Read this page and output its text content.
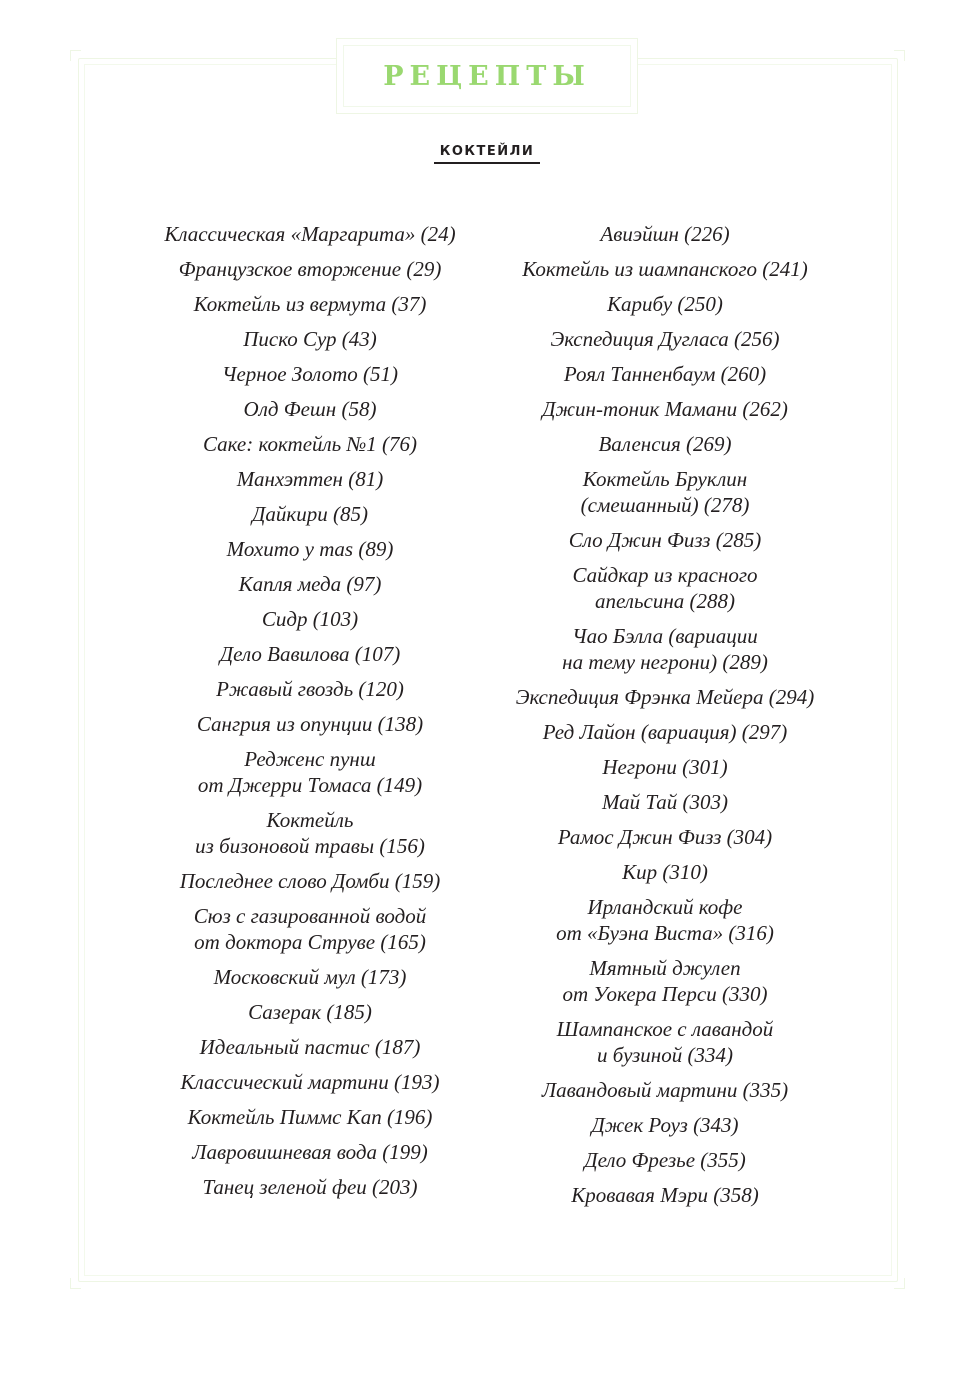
РЕЦЕПТЫ
КОКТЕЙЛИ
Классическая «Маргарита» (24)
Французское вторжение (29)
Коктейль из вермута (37)
Писко Сур (43)
Черное Золото (51)
Олд Фешн (58)
Саке: коктейль №1 (76)
Манхэттен (81)
Дайкири (85)
Мохито у mas (89)
Капля меда (97)
Сидр (103)
Дело Вавилова (107)
Ржавый гвоздь (120)
Сангрия из опунции (138)
Реджeнс пунш
от Джерри Томаса (149)
Коктейль
из бизоновой травы (156)
Последнее слово Домби (159)
Сюз с газированной водой
от доктора Струве (165)
Московский мул (173)
Сазерак (185)
Идеальный пастис (187)
Классический мартини (193)
Коктейль Пиммс Кап (196)
Лавровишневая вода (199)
Танец зеленой феи (203)
Авиэйшн (226)
Коктейль из шампанского (241)
Карибу (250)
Экспедиция Дугласа (256)
Роял Танненбаум (260)
Джин-тоник Мамани (262)
Валенсия (269)
Коктейль Бруклин
(смешанный) (278)
Сло Джин Физз (285)
Сайдкар из красного
апельсина (288)
Чао Бэлла (вариации
на тему негрони) (289)
Экспедиция Фрэнка Мейера (294)
Ред Лайон (вариация) (297)
Негрони (301)
Май Тай (303)
Рамос Джин Физз (304)
Кир (310)
Ирландский кофе
от «Буэна Виста» (316)
Мятный джулеп
от Уокера Перси (330)
Шампанское с лавандой
и бузиной (334)
Лавандовый мартини (335)
Джек Роуз (343)
Дело Фрезье (355)
Кровавая Мэри (358)
